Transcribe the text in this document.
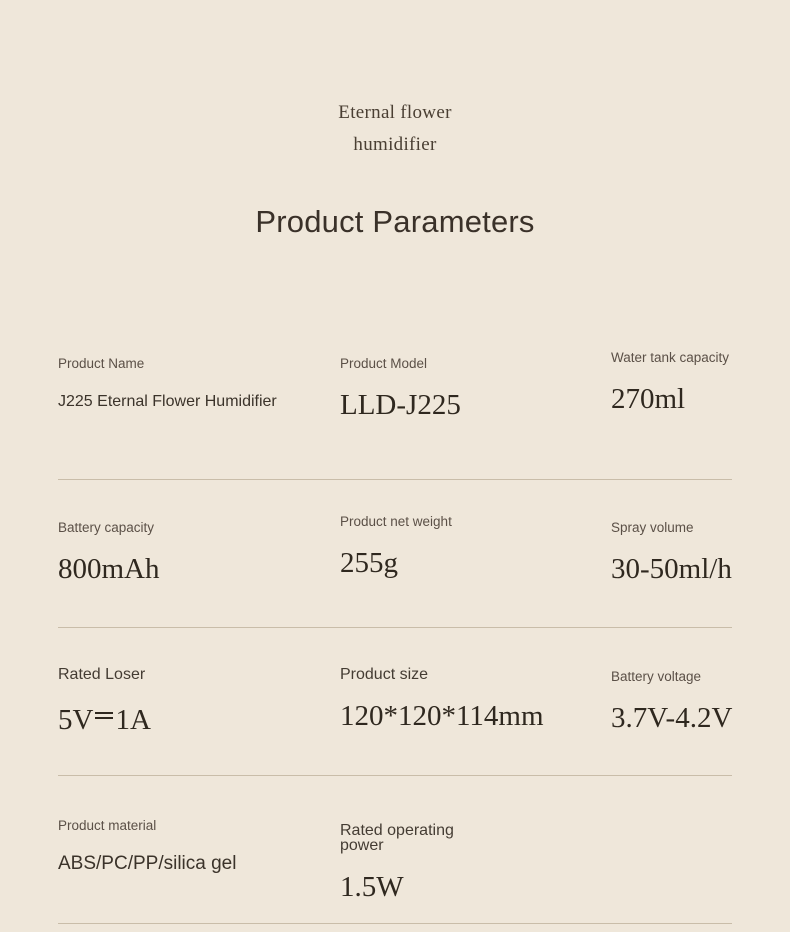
Eternal flower
humidifier
Product Parameters
Product Name
J225 Eternal Flower Humidifier
Product Model
LLD-J225
Water tank capacity
270ml
Battery capacity
800mAh
Product net weight
255g
Spray volume
30-50ml/h
Rated Loser
5V 1A
Product size
120*120*114mm
Battery voltage
3.7V-4.2V
Product material
ABS/PC/PP/silica gel
Rated operating power
1.5W
